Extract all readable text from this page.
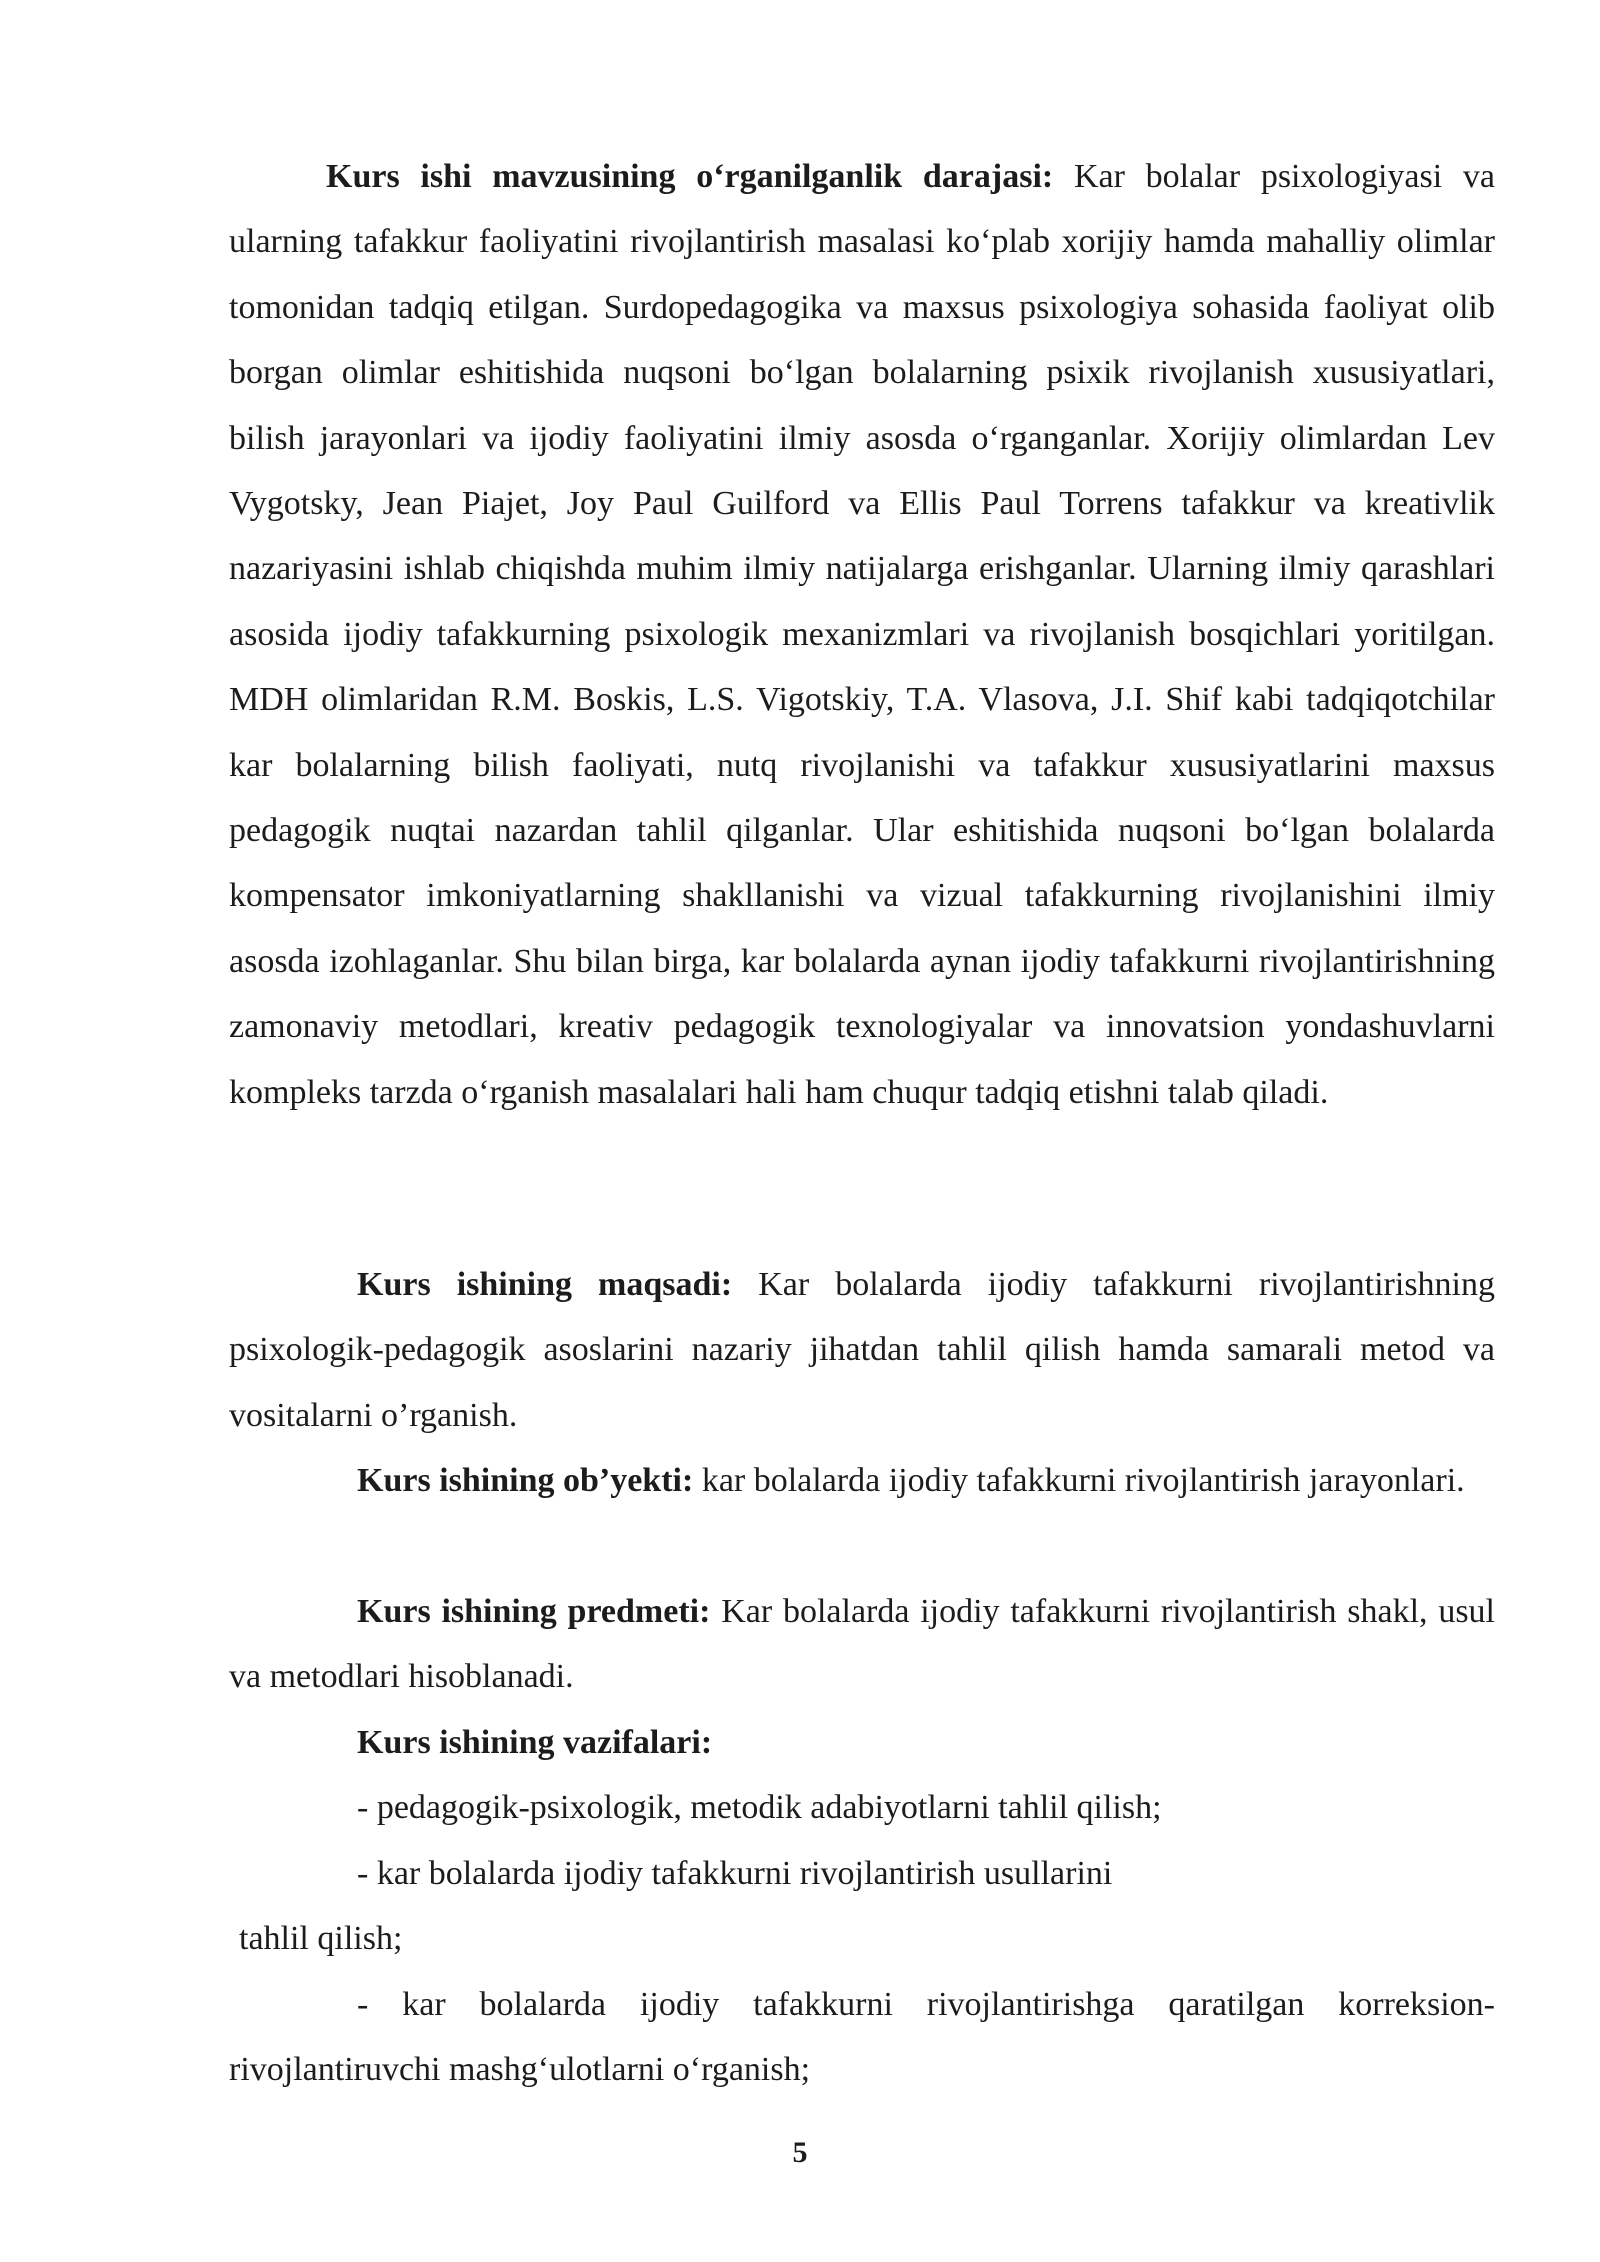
Kurs ishi mavzusining o‘rganilganlik darajasi: Kar bolalar psixologiyasi va ularning tafakkur faoliyatini rivojlantirish masalasi ko‘plab xorijiy hamda mahalliy olimlar tomonidan tadqiq etilgan. Surdopedagogika va maxsus psixologiya sohasida faoliyat olib borgan olimlar eshitishida nuqsoni bo‘lgan bolalarning psixik rivojlanish xususiyatlari, bilish jarayonlari va ijodiy faoliyatini ilmiy asosda o‘rganganlar. Xorijiy olimlardan Lev Vygotsky, Jean Piajet, Joy Paul Guilford va Ellis Paul Torrens tafakkur va kreativlik nazariyasini ishlab chiqishda muhim ilmiy natijalarga erishganlar. Ularning ilmiy qarashlari asosida ijodiy tafakkurning psixologik mexanizmlari va rivojlanish bosqichlari yoritilgan. MDH olimlaridan R.M. Boskis, L.S. Vigotskiy, T.A. Vlasova, J.I. Shif kabi tadqiqotchilar kar bolalarning bilish faoliyati, nutq rivojlanishi va tafakkur xususiyatlarini maxsus pedagogik nuqtai nazardan tahlil qilganlar. Ular eshitishida nuqsoni bo‘lgan bolalarda kompensator imkoniyatlarning shakllanishi va vizual tafakkurning rivojlanishini ilmiy asosda izohlaganlar. Shu bilan birga, kar bolalarda aynan ijodiy tafakkurni rivojlantirishning zamonaviy metodlari, kreativ pedagogik texnologiyalar va innovatsion yondashuvlarni kompleks tarzda o‘rganish masalalari hali ham chuqur tadqiq etishni talab qiladi.

Kurs ishining maqsadi: Kar bolalarda ijodiy tafakkurni rivojlantirishning psixologik-pedagogik asoslarini nazariy jihatdan tahlil qilish hamda samarali metod va vositalarni o’rganish.

Kurs ishining ob’yekti: kar bolalarda ijodiy tafakkurni rivojlantirish jarayonlari.

Kurs ishining predmeti: Kar bolalarda ijodiy tafakkurni rivojlantirish shakl, usul va metodlari hisoblanadi.

Kurs ishining vazifalari:

- pedagogik-psixologik, metodik adabiyotlarni tahlil qilish;

- kar bolalarda ijodiy tafakkurni rivojlantirish usullarini

tahlil qilish;

- kar bolalarda ijodiy tafakkurni rivojlantirishga qaratilgan korreksion-rivojlantiruvchi mashg‘ulotlarni o‘rganish;

5
